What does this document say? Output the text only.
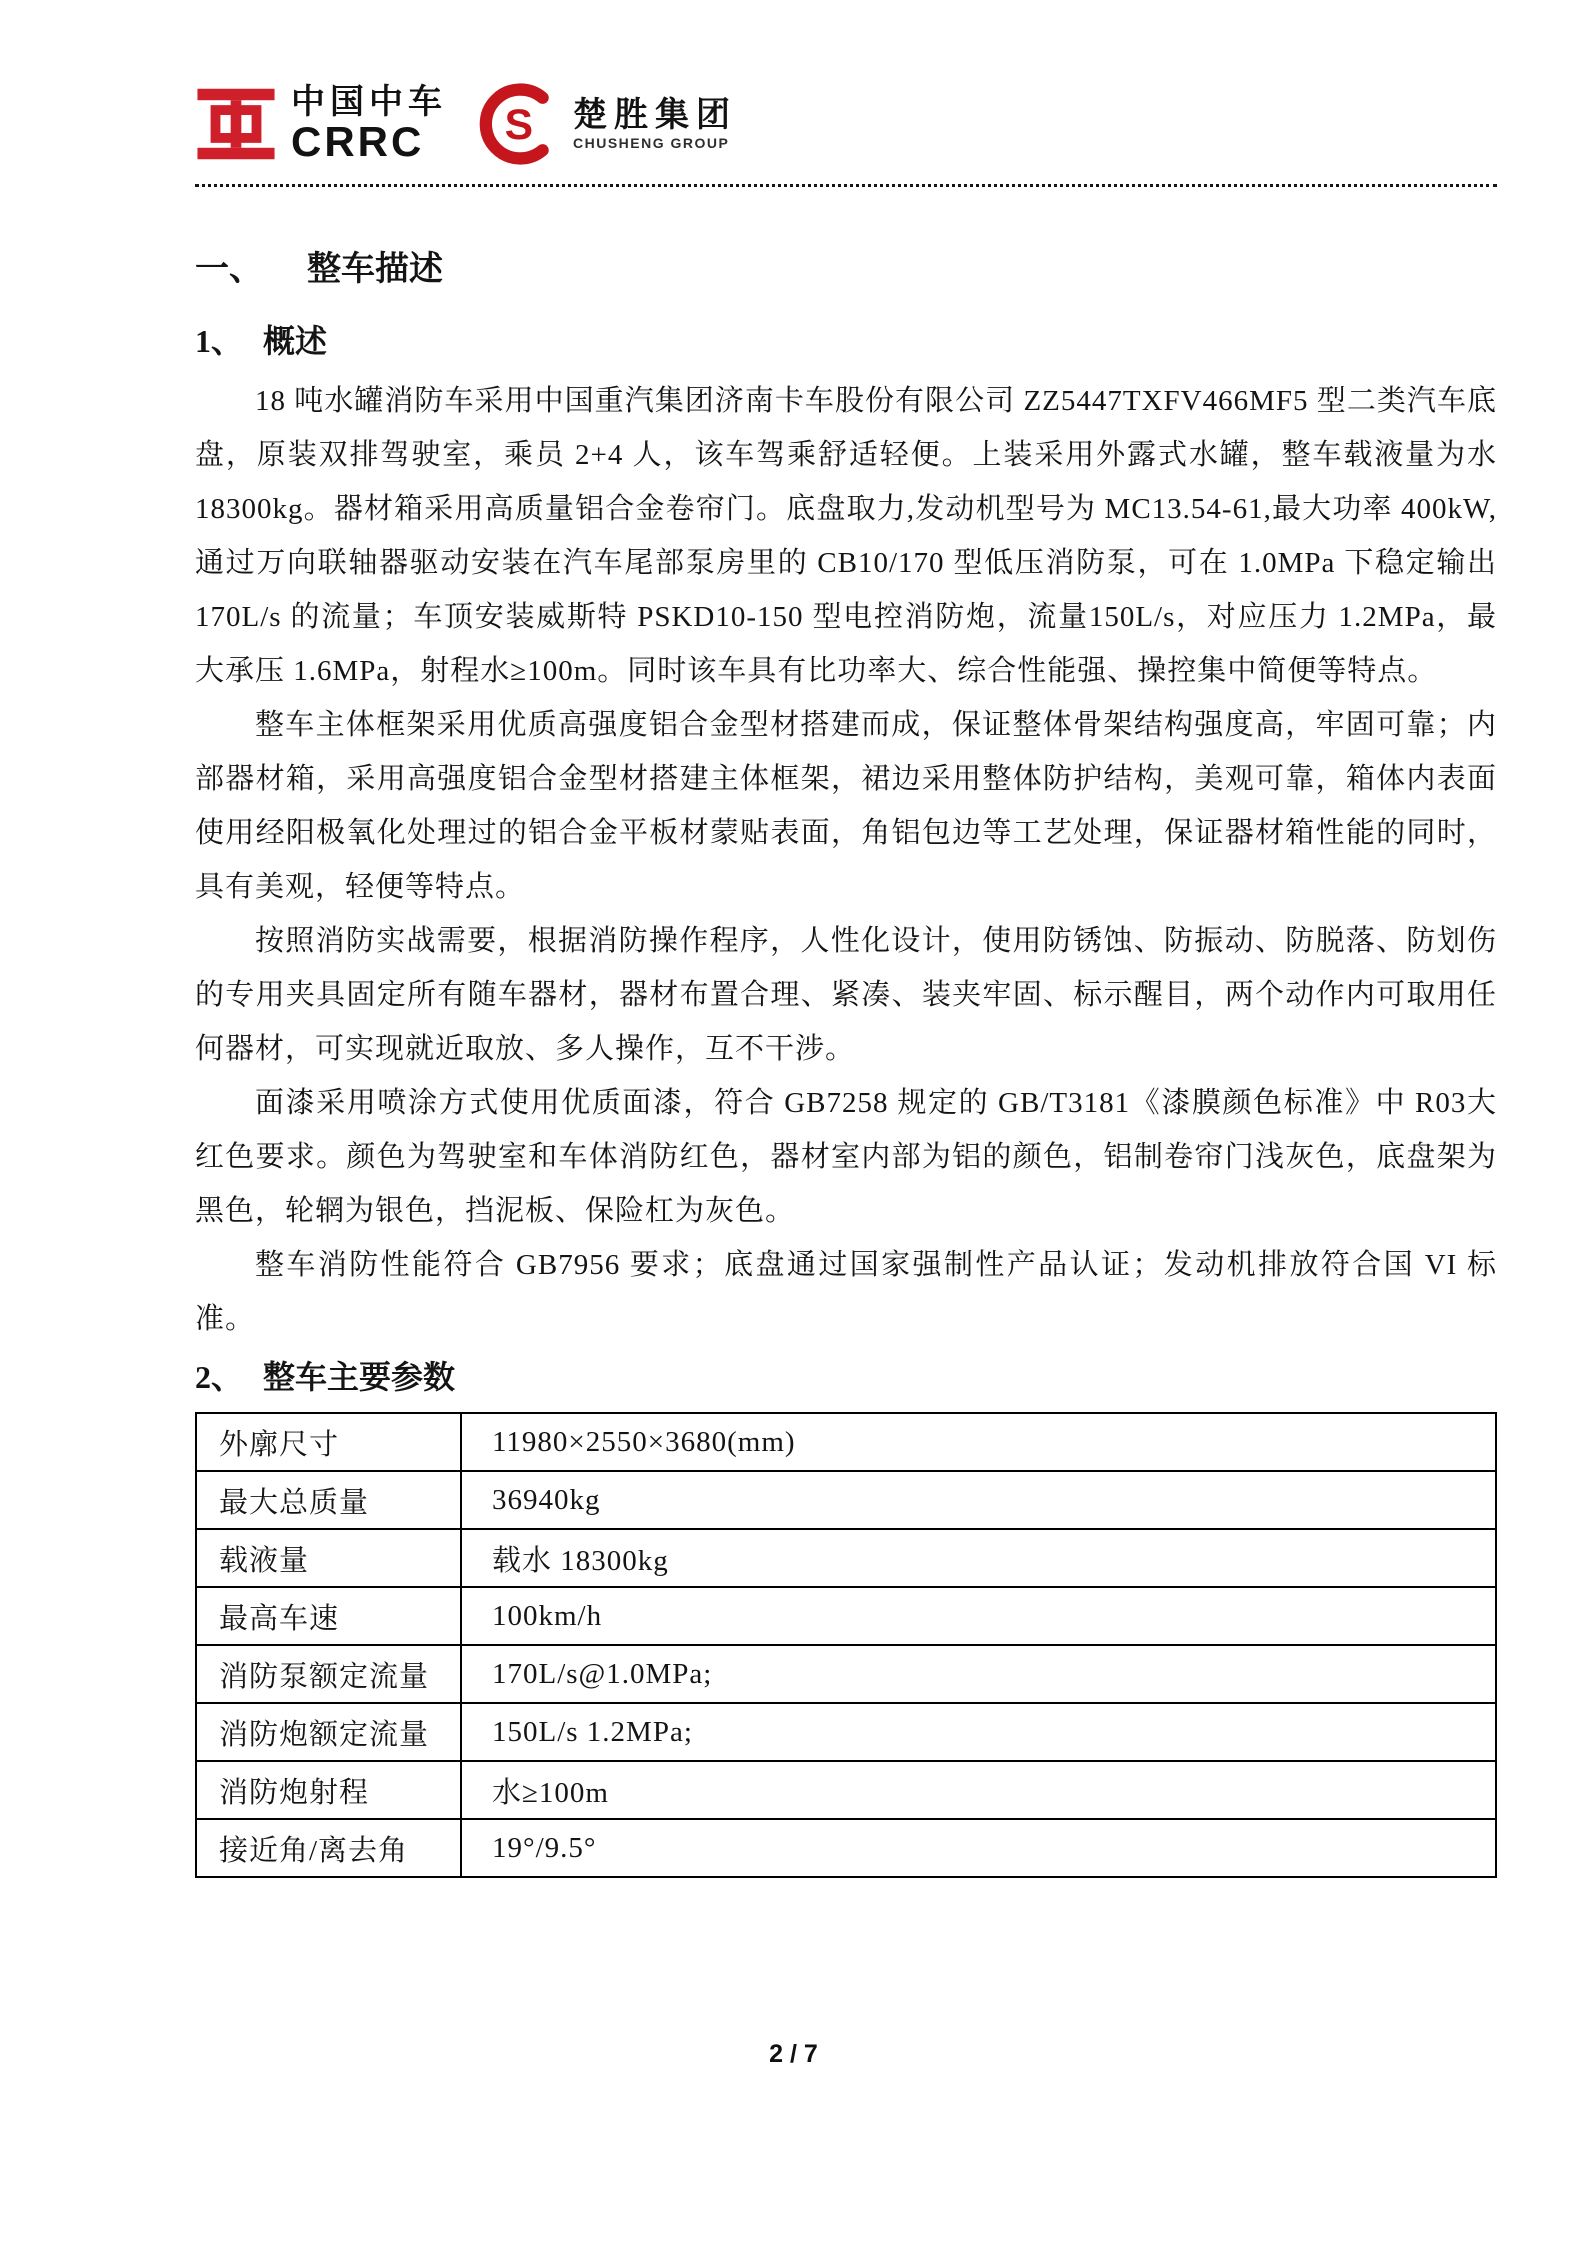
中国中车
CRRC	S 楚胜集团
CHUSHENG GROUP
一、 整车描述
1、 概述

18 吨水罐消防车采用中国重汽集团济南卡车股份有限公司 ZZ5447TXFV466MF5 型二类汽车底盘，原装双排驾驶室，乘员 2+4 人，该车驾乘舒适轻便。上装采用外露式水罐，整车载液量为水18300kg。器材箱采用高质量铝合金卷帘门。底盘取力,发动机型号为 MC13.54-61,最大功率 400kW,通过万向联轴器驱动安装在汽车尾部泵房里的 CB10/170 型低压消防泵，可在 1.0MPa 下稳定输出 170L/s 的流量；车顶安装威斯特 PSKD10-150 型电控消防炮，流量150L/s，对应压力 1.2MPa，最大承压 1.6MPa，射程水≥100m。同时该车具有比功率大、综合性能强、操控集中简便等特点。

整车主体框架采用优质高强度铝合金型材搭建而成，保证整体骨架结构强度高，牢固可靠；内部器材箱，采用高强度铝合金型材搭建主体框架，裙边采用整体防护结构，美观可靠，箱体内表面使用经阳极氧化处理过的铝合金平板材蒙贴表面，角铝包边等工艺处理，保证器材箱性能的同时，具有美观，轻便等特点。

按照消防实战需要，根据消防操作程序，人性化设计，使用防锈蚀、防振动、防脱落、防划伤的专用夹具固定所有随车器材，器材布置合理、紧凑、装夹牢固、标示醒目，两个动作内可取用任何器材，可实现就近取放、多人操作，互不干涉。

面漆采用喷涂方式使用优质面漆，符合 GB7258 规定的 GB/T3181《漆膜颜色标准》中 R03大红色要求。颜色为驾驶室和车体消防红色，器材室内部为铝的颜色，铝制卷帘门浅灰色，底盘架为黑色，轮辋为银色，挡泥板、保险杠为灰色。

整车消防性能符合 GB7956 要求；底盘通过国家强制性产品认证；发动机排放符合国 VI 标准。

2、 整车主要参数
外廓尺寸	11980×2550×3680(mm)
最大总质量	36940kg
载液量	载水 18300kg
最高车速	100km/h
消防泵额定流量	170L/s@1.0MPa;
消防炮额定流量	150L/s 1.2MPa;
消防炮射程	水≥100m
接近角/离去角	19°/9.5°
2 / 7
